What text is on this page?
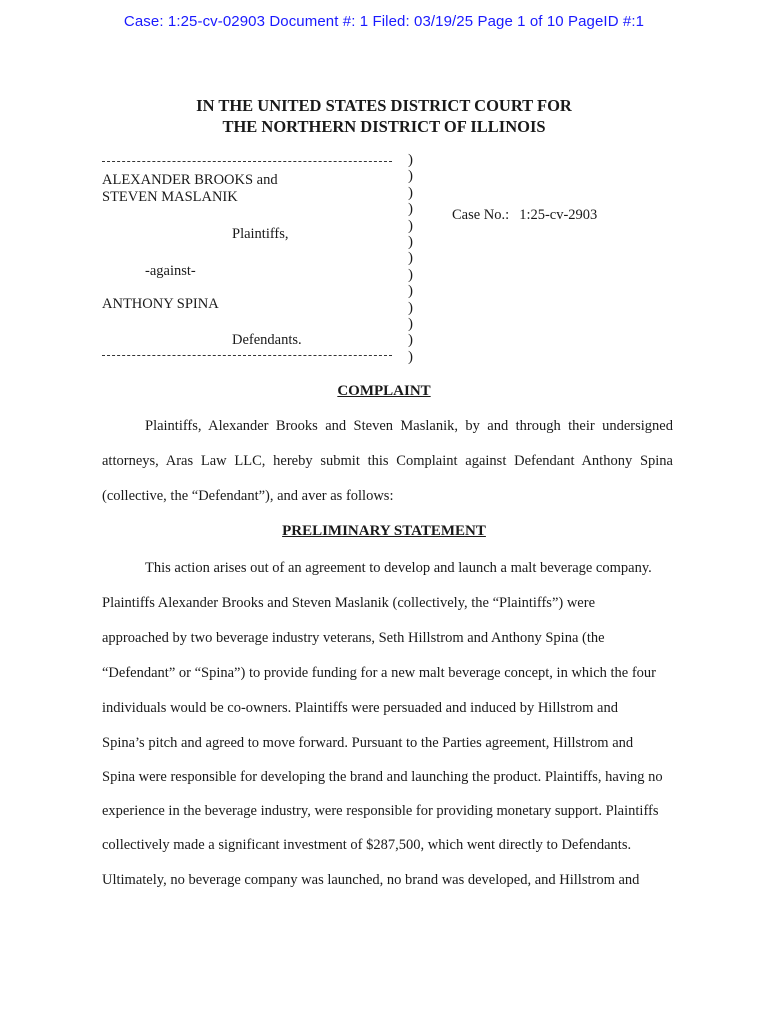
Case: 1:25-cv-02903 Document #: 1 Filed: 03/19/25 Page 1 of 10 PageID #:1
IN THE UNITED STATES DISTRICT COURT FOR
THE NORTHERN DISTRICT OF ILLINOIS
)
)
)
)
)
)
)
)
)
)
)
)
)
ALEXANDER BROOKS and
STEVEN MASLANIK
Plaintiffs,
-against-
ANTHONY SPINA
Defendants.
Case No.: 1:25-cv-2903
COMPLAINT
Plaintiffs, Alexander Brooks and Steven Maslanik, by and through their undersigned
attorneys, Aras Law LLC, hereby submit this Complaint against Defendant Anthony Spina
(collective, the “Defendant”), and aver as follows:
PRELIMINARY STATEMENT
This action arises out of an agreement to develop and launch a malt beverage company.
Plaintiffs Alexander Brooks and Steven Maslanik (collectively, the “Plaintiffs”) were
approached by two beverage industry veterans, Seth Hillstrom and Anthony Spina (the
“Defendant” or “Spina”) to provide funding for a new malt beverage concept, in which the four
individuals would be co-owners. Plaintiffs were persuaded and induced by Hillstrom and
Spina’s pitch and agreed to move forward. Pursuant to the Parties agreement, Hillstrom and
Spina were responsible for developing the brand and launching the product. Plaintiffs, having no
experience in the beverage industry, were responsible for providing monetary support. Plaintiffs
collectively made a significant investment of $287,500, which went directly to Defendants.
Ultimately, no beverage company was launched, no brand was developed, and Hillstrom and
